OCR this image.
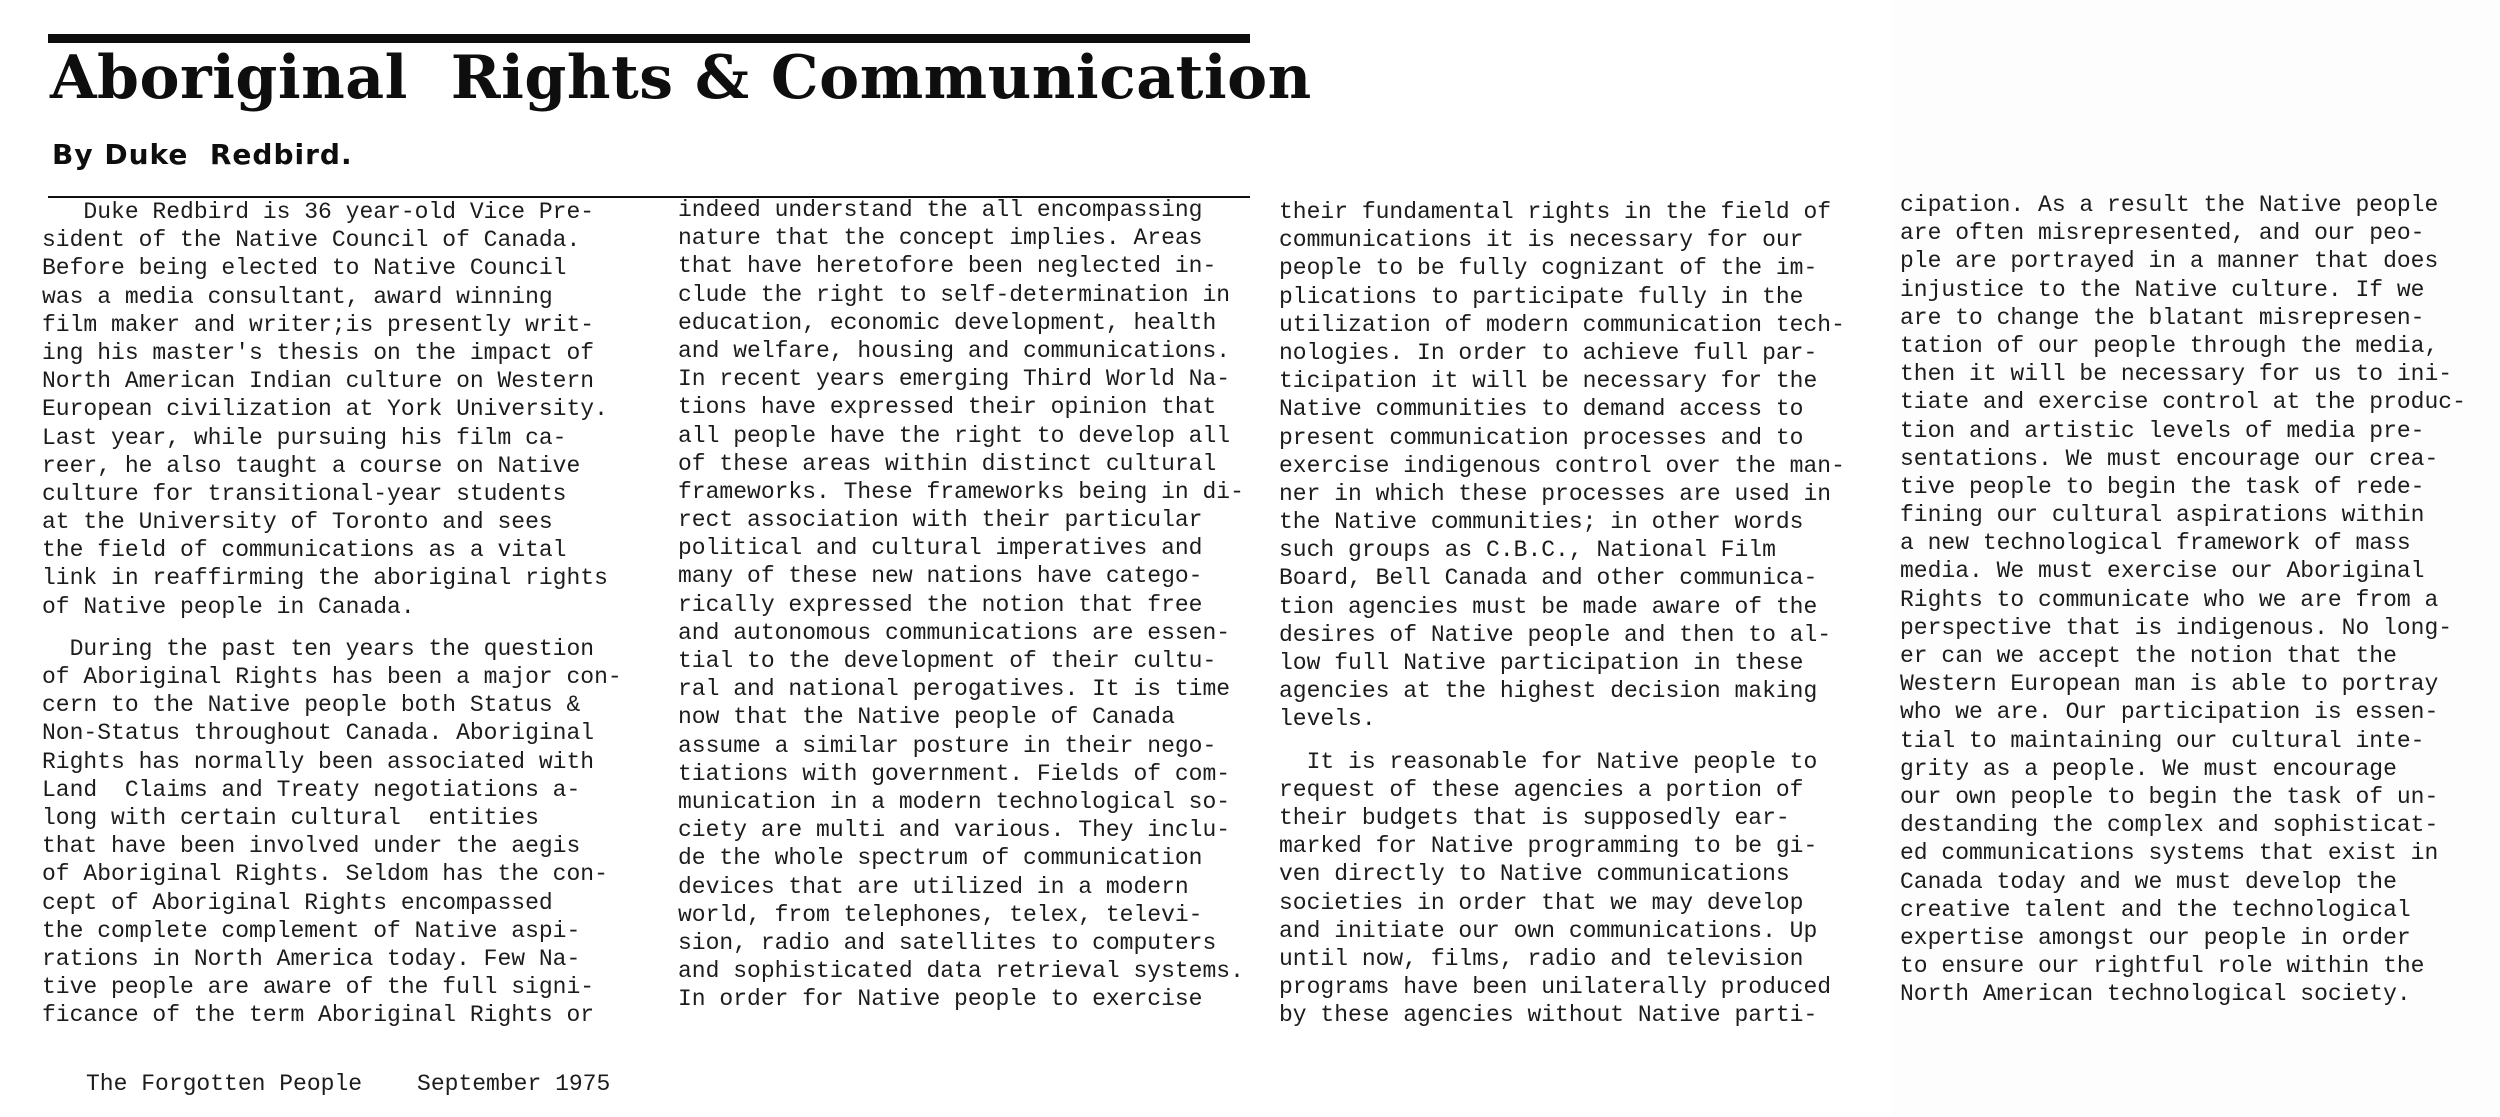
Aboriginal  Rights & Communication
By Duke  Redbird.
Duke Redbird is 36 year-old Vice Pre-
sident of the Native Council of Canada.
Before being elected to Native Council
was a media consultant, award winning
film maker and writer;is presently writ-
ing his master's thesis on the impact of
North American Indian culture on Western
European civilization at York University.
Last year, while pursuing his film ca-
reer, he also taught a course on Native
culture for transitional-year students
at the University of Toronto and sees
the field of communications as a vital
link in reaffirming the aboriginal rights
of Native people in Canada.
During the past ten years the question
of Aboriginal Rights has been a major con-
cern to the Native people both Status &
Non-Status throughout Canada. Aboriginal
Rights has normally been associated with
Land  Claims and Treaty negotiations a-
long with certain cultural  entities
that have been involved under the aegis
of Aboriginal Rights. Seldom has the con-
cept of Aboriginal Rights encompassed
the complete complement of Native aspi-
rations in North America today. Few Na-
tive people are aware of the full signi-
ficance of the term Aboriginal Rights or
indeed understand the all encompassing
nature that the concept implies. Areas
that have heretofore been neglected in-
clude the right to self-determination in
education, economic development, health
and welfare, housing and communications.
In recent years emerging Third World Na-
tions have expressed their opinion that
all people have the right to develop all
of these areas within distinct cultural
frameworks. These frameworks being in di-
rect association with their particular
political and cultural imperatives and
many of these new nations have catego-
rically expressed the notion that free
and autonomous communications are essen-
tial to the development of their cultu-
ral and national perogatives. It is time
now that the Native people of Canada
assume a similar posture in their nego-
tiations with government. Fields of com-
munication in a modern technological so-
ciety are multi and various. They inclu-
de the whole spectrum of communication
devices that are utilized in a modern
world, from telephones, telex, televi-
sion, radio and satellites to computers
and sophisticated data retrieval systems.
In order for Native people to exercise
their fundamental rights in the field of
communications it is necessary for our
people to be fully cognizant of the im-
plications to participate fully in the
utilization of modern communication tech-
nologies. In order to achieve full par-
ticipation it will be necessary for the
Native communities to demand access to
present communication processes and to
exercise indigenous control over the man-
ner in which these processes are used in
the Native communities; in other words
such groups as C.B.C., National Film
Board, Bell Canada and other communica-
tion agencies must be made aware of the
desires of Native people and then to al-
low full Native participation in these
agencies at the highest decision making
levels.
It is reasonable for Native people to
request of these agencies a portion of
their budgets that is supposedly ear-
marked for Native programming to be gi-
ven directly to Native communications
societies in order that we may develop
and initiate our own communications. Up
until now, films, radio and television
programs have been unilaterally produced
by these agencies without Native parti-
cipation. As a result the Native people
are often misrepresented, and our peo-
ple are portrayed in a manner that does
injustice to the Native culture. If we
are to change the blatant misrepresen-
tation of our people through the media,
then it will be necessary for us to ini-
tiate and exercise control at the produc-
tion and artistic levels of media pre-
sentations. We must encourage our crea-
tive people to begin the task of rede-
fining our cultural aspirations within
a new technological framework of mass
media. We must exercise our Aboriginal
Rights to communicate who we are from a
perspective that is indigenous. No long-
er can we accept the notion that the
Western European man is able to portray
who we are. Our participation is essen-
tial to maintaining our cultural inte-
grity as a people. We must encourage
our own people to begin the task of un-
destanding the complex and sophisticat-
ed communications systems that exist in
Canada today and we must develop the
creative talent and the technological
expertise amongst our people in order
to ensure our rightful role within the
North American technological society.
The Forgotten People September 1975
